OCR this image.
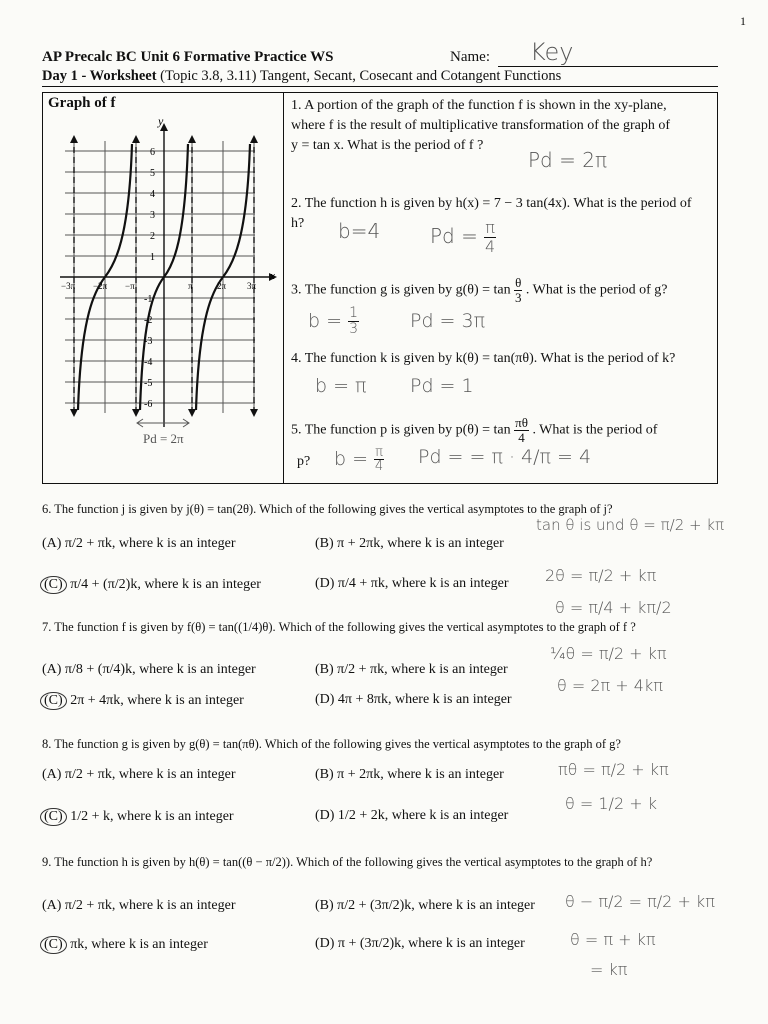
1
AP Precalc BC Unit 6 Formative Practice WS	Name: Key
Day 1 - Worksheet (Topic 3.8, 3.11) Tangent, Secant, Cosecant and Cotangent Functions
Graph of f
y
x
6
5
4
3
2
1
-1
-2
-3
-4
-5
-6
−3π −2π −π	π	2π 3π
Pd = 2π
1. A portion of the graph of the function f is shown in the xy-plane,
where f is the result of multiplicative transformation of the graph of
y = tan x. What is the period of f ?
Pd = 2π
2. The function h is given by h(x) = 7 − 3 tan(4x). What is the period of
h?	b=4 $Pd = \frac{\pi}{4}$
3. The function g is given by $g(\theta) = \tan \frac{\theta}{3}$ . What is the period of g?
$b = \frac{1}{3}$	Pd = 3π
4. The function k is given by k(θ) = tan(πθ). What is the period of k?
b = π Pd = 1
5. The function p is given by $p(\theta) = \tan \frac{\pi\theta}{4}$ . What is the period of
p? $b = \frac{\pi}{4}$ Pd = = π · 4/π = 4
6. The function j is given by j(θ) = tan(2θ). Which of the following gives the vertical asymptotes to the graph of j?
(A) π/2 + πk, where k is an integer	(B) π + 2πk, where k is an integer
(C) π/4 + (π/2)k, where k is an integer	(D) π/4 + πk, where k is an integer
tan θ is und θ = π/2 + kπ
2θ = π/2 + kπ
θ = π/4 + kπ/2
7. The function f is given by f(θ) = tan((1/4)θ). Which of the following gives the vertical asymptotes to the graph of f ?
(A) π/8 + (π/4)k, where k is an integer	(B) π/2 + πk, where k is an integer
(C) 2π + 4πk, where k is an integer	(D) 4π + 8πk, where k is an integer
¼θ = π/2 + kπ
θ = 2π + 4kπ
8. The function g is given by g(θ) = tan(πθ). Which of the following gives the vertical asymptotes to the graph of g?
(A) π/2 + πk, where k is an integer	(B) π + 2πk, where k is an integer
(C) 1/2 + k, where k is an integer	(D) 1/2 + 2k, where k is an integer
πθ = π/2 + kπ
θ = 1/2 + k
9. The function h is given by h(θ) = tan((θ − π/2)). Which of the following gives the vertical asymptotes to the graph of h?
(A) π/2 + πk, where k is an integer	(B) π/2 + (3π/2)k, where k is an integer
(C) πk, where k is an integer	(D) π + (3π/2)k, where k is an integer
θ − π/2 = π/2 + kπ
θ = π + kπ
= kπ
